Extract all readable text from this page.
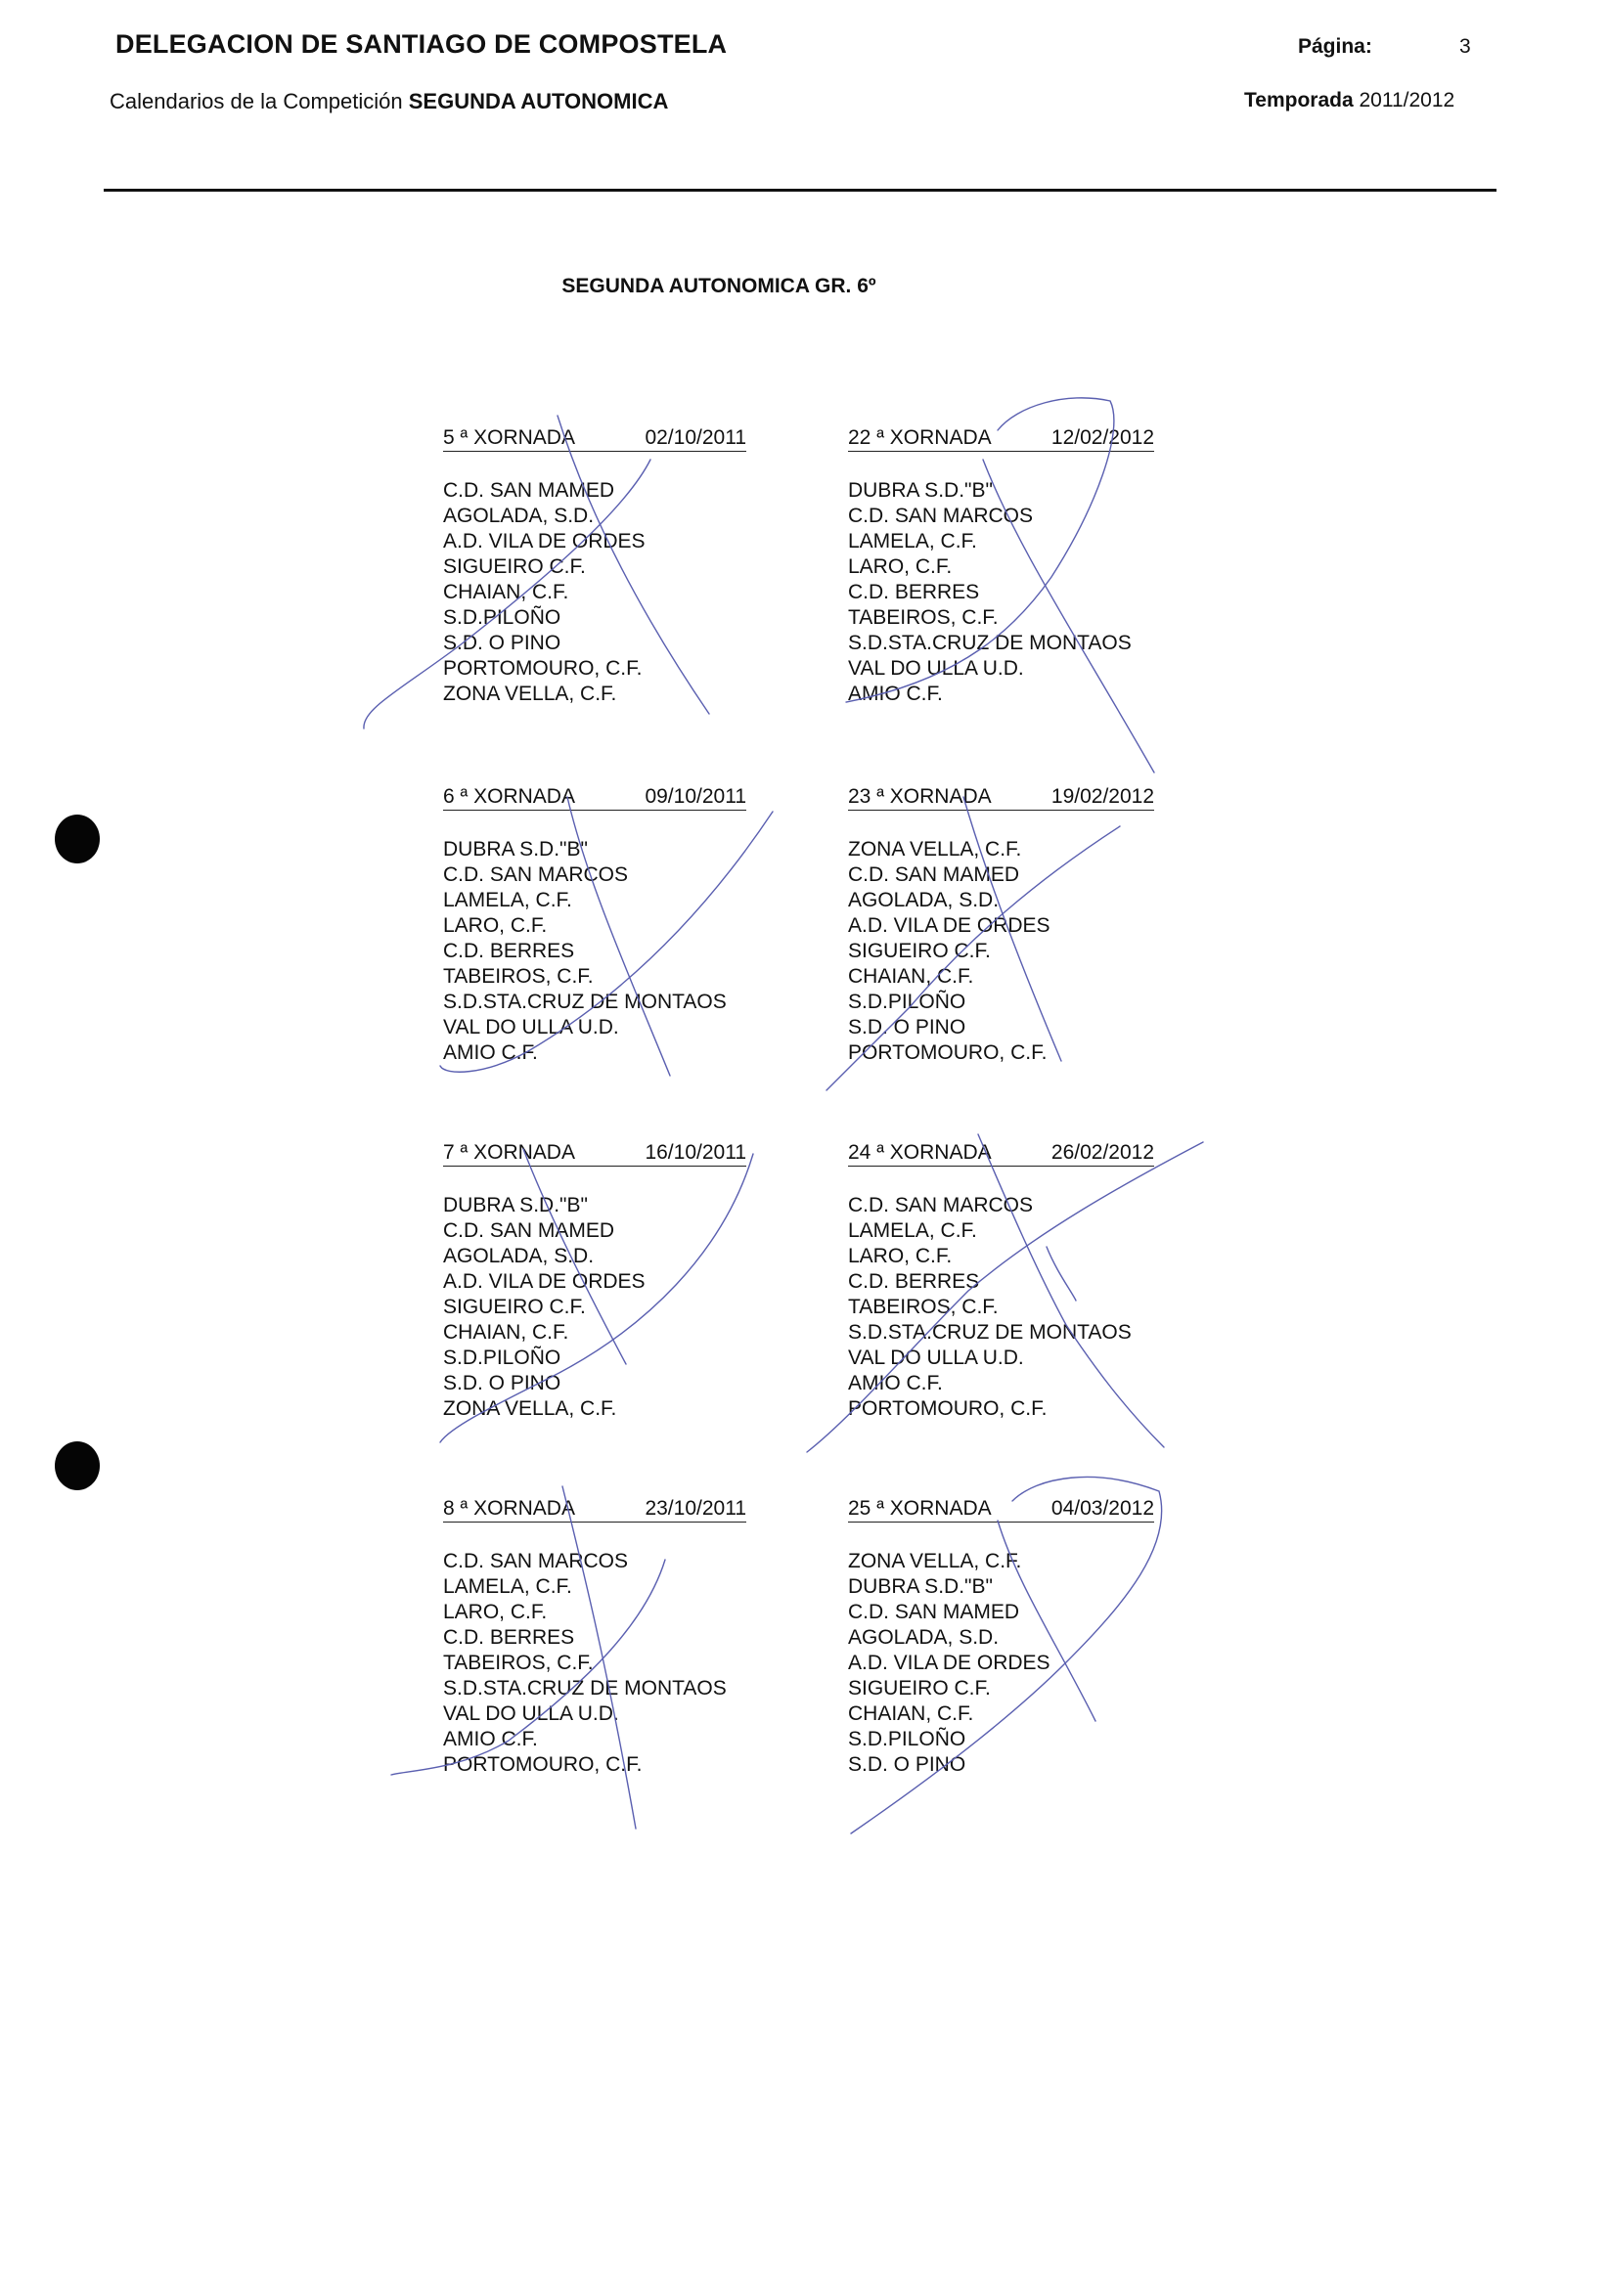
DELEGACION DE SANTIAGO DE COMPOSTELA
Calendarios de la Competición SEGUNDA AUTONOMICA
Página:	3
Temporada 2011/2012
SEGUNDA AUTONOMICA GR. 6º
5 ª XORNADA	02/10/2011
C.D. SAN MAMED
AGOLADA, S.D.
A.D. VILA DE ORDES
SIGUEIRO C.F.
CHAIAN, C.F.
S.D.PILOÑO
S.D. O PINO
PORTOMOURO, C.F.
ZONA VELLA, C.F.
22 ª XORNADA	12/02/2012
DUBRA S.D."B"
C.D. SAN MARCOS
LAMELA, C.F.
LARO, C.F.
C.D. BERRES
TABEIROS, C.F.
S.D.STA.CRUZ DE MONTAOS
VAL DO ULLA U.D.
AMIO C.F.
6 ª XORNADA	09/10/2011
DUBRA S.D."B"
C.D. SAN MARCOS
LAMELA, C.F.
LARO, C.F.
C.D. BERRES
TABEIROS, C.F.
S.D.STA.CRUZ DE MONTAOS
VAL DO ULLA U.D.
AMIO C.F.
23 ª XORNADA	19/02/2012
ZONA VELLA, C.F.
C.D. SAN MAMED
AGOLADA, S.D.
A.D. VILA DE ORDES
SIGUEIRO C.F.
CHAIAN, C.F.
S.D.PILOÑO
S.D. O PINO
PORTOMOURO, C.F.
7 ª XORNADA	16/10/2011
DUBRA S.D."B"
C.D. SAN MAMED
AGOLADA, S.D.
A.D. VILA DE ORDES
SIGUEIRO C.F.
CHAIAN, C.F.
S.D.PILOÑO
S.D. O PINO
ZONA VELLA, C.F.
24 ª XORNADA	26/02/2012
C.D. SAN MARCOS
LAMELA, C.F.
LARO, C.F.
C.D. BERRES
TABEIROS, C.F.
S.D.STA.CRUZ DE MONTAOS
VAL DO ULLA U.D.
AMIO C.F.
PORTOMOURO, C.F.
8 ª XORNADA	23/10/2011
C.D. SAN MARCOS
LAMELA, C.F.
LARO, C.F.
C.D. BERRES
TABEIROS, C.F.
S.D.STA.CRUZ DE MONTAOS
VAL DO ULLA U.D.
AMIO C.F.
PORTOMOURO, C.F.
25 ª XORNADA	04/03/2012
ZONA VELLA, C.F.
DUBRA S.D."B"
C.D. SAN MAMED
AGOLADA, S.D.
A.D. VILA DE ORDES
SIGUEIRO C.F.
CHAIAN, C.F.
S.D.PILOÑO
S.D. O PINO
